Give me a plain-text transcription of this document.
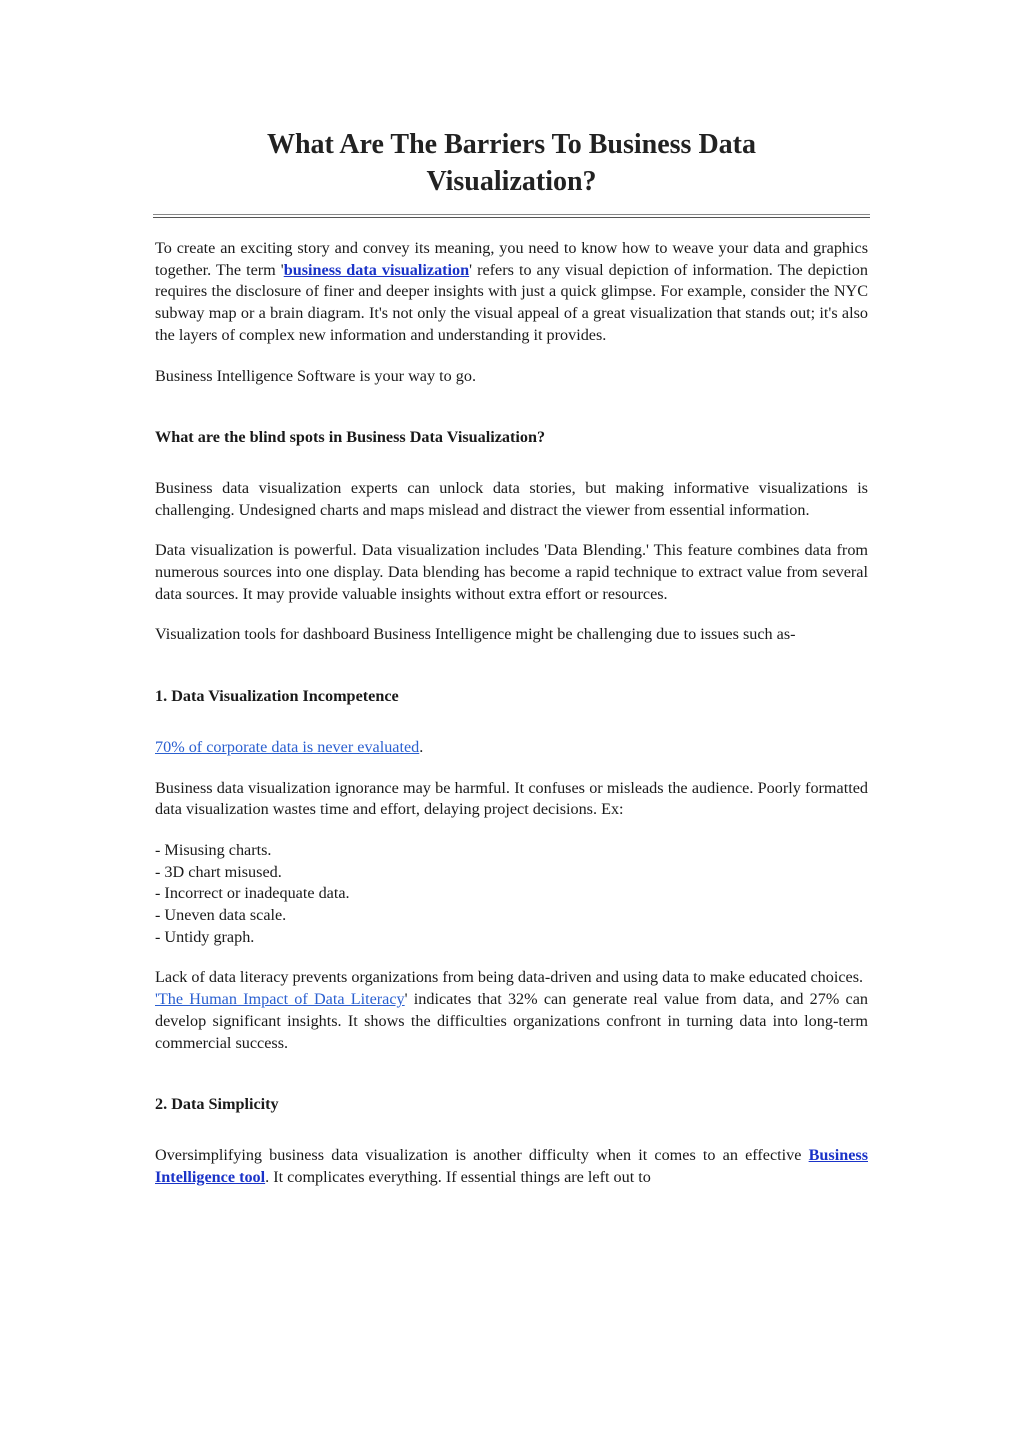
What Are The Barriers To Business Data Visualization?

To create an exciting story and convey its meaning, you need to know how to weave your data and graphics together. The term 'business data visualization' refers to any visual depiction of information. The depiction requires the disclosure of finer and deeper insights with just a quick glimpse. For example, consider the NYC subway map or a brain diagram. It's not only the visual appeal of a great visualization that stands out; it's also the layers of complex new information and understanding it provides.

Business Intelligence Software is your way to go.

What are the blind spots in Business Data Visualization?

Business data visualization experts can unlock data stories, but making informative visualizations is challenging. Undesigned charts and maps mislead and distract the viewer from essential information.

Data visualization is powerful. Data visualization includes 'Data Blending.' This feature combines data from numerous sources into one display. Data blending has become a rapid technique to extract value from several data sources. It may provide valuable insights without extra effort or resources.

Visualization tools for dashboard Business Intelligence might be challenging due to issues such as-

1. Data Visualization Incompetence

70% of corporate data is never evaluated.

Business data visualization ignorance may be harmful. It confuses or misleads the audience. Poorly formatted data visualization wastes time and effort, delaying project decisions. Ex:

- Misusing charts.
- 3D chart misused.
- Incorrect or inadequate data.
- Uneven data scale.
- Untidy graph.

Lack of data literacy prevents organizations from being data-driven and using data to make educated choices.

'The Human Impact of Data Literacy' indicates that 32% can generate real value from data, and 27% can develop significant insights. It shows the difficulties organizations confront in turning data into long-term commercial success.

2. Data Simplicity

Oversimplifying business data visualization is another difficulty when it comes to an effective Business Intelligence tool. It complicates everything. If essential things are left out to
